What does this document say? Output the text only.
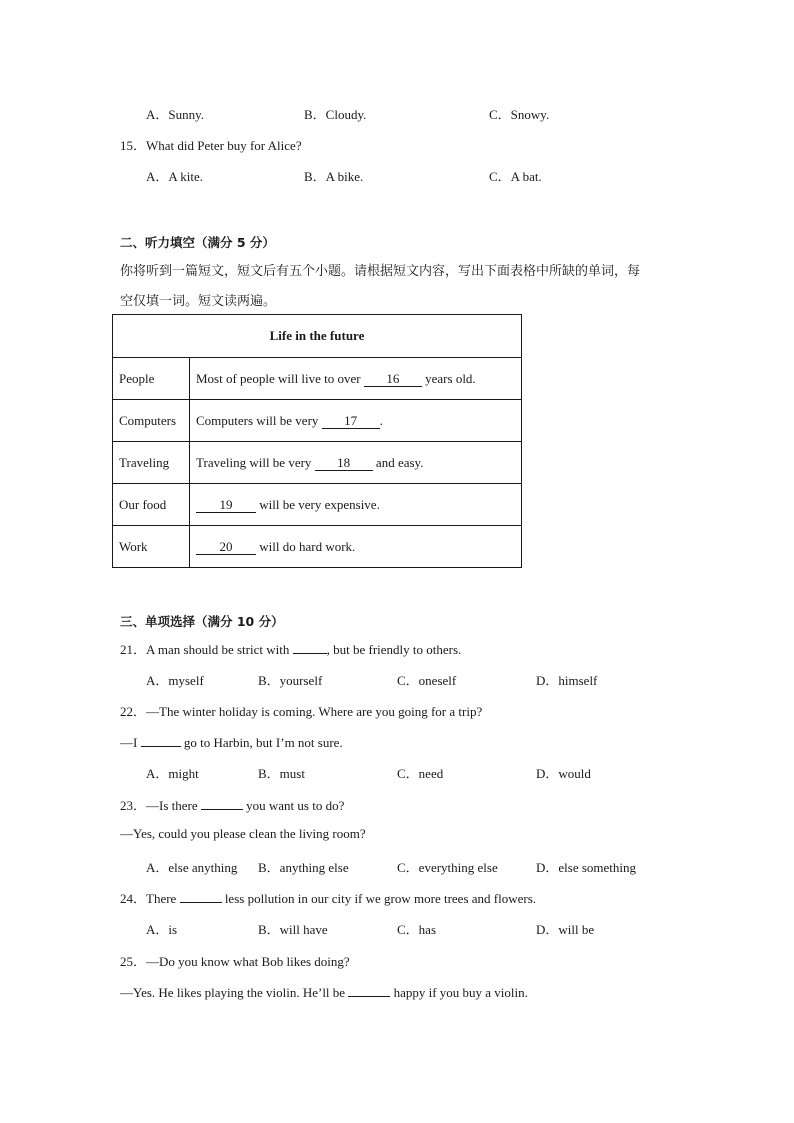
A．Sunny.	B．Cloudy.	C．Snowy.
15．What did Peter buy for Alice?
A．A kite.	B．A bike.	C．A bat.
二、听力填空（满分 5 分）
你将听到一篇短文，短文后有五个小题。请根据短文内容，写出下面表格中所缺的单词，每
空仅填一词。短文读两遍。
Life in the future	
People	Most of people will live to over 16 years old.
Computers	Computers will be very 17 .
Traveling	Traveling will be very 18 and easy.
Our food	19 will be very expensive.
Work	20 will do hard work.
三、单项选择（满分 10 分）
21．A man should be strict with	, but be friendly to others.
A．myself	B．yourself	C．oneself	D．himself
22．—The winter holiday is coming. Where are you going for a trip?
—I	go to Harbin, but I’m not sure.
A．might	B．must	C．need	D．would
23．—Is there	you want us to do?
—Yes, could you please clean the living room?
A．else anything B．anything else	C．everything else	D．else something
24．There	less pollution in our city if we grow more trees and flowers.
A．is	B．will have	C．has	D．will be
25．—Do you know what Bob likes doing?
—Yes. He likes playing the violin. He’ll be	happy if you buy a violin.
